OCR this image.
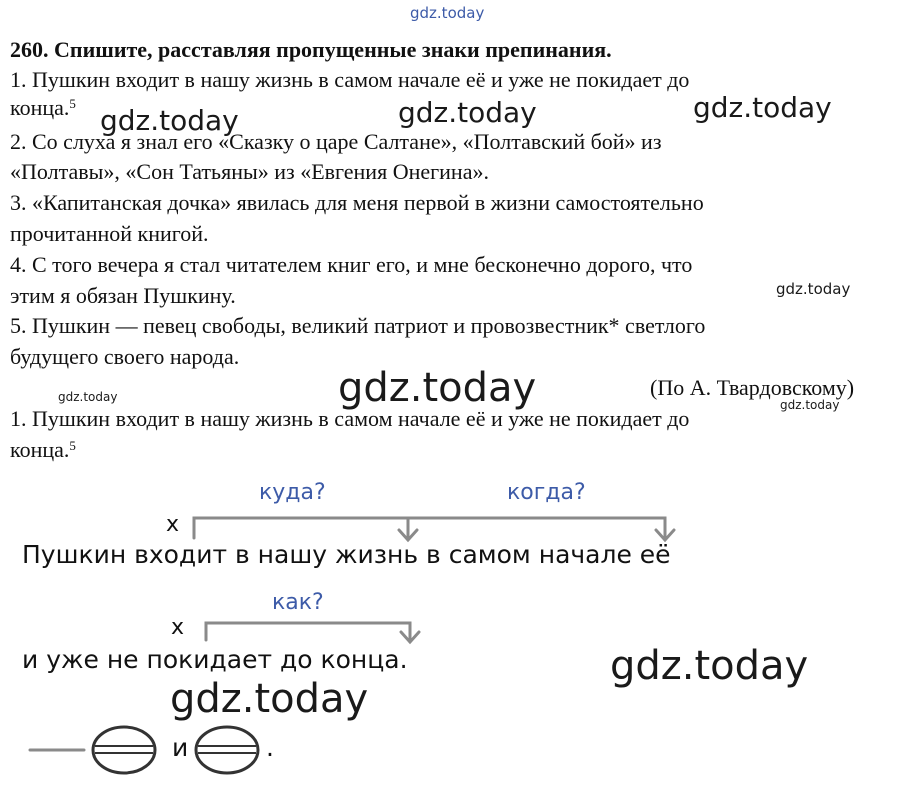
gdz.today
gdz.today	gdz.today	gdz.today
gdz.today
gdz.today	gdz.today	gdz.today
gdz.today
gdz.today
260. Спишите, расставляя пропущенные знаки препинания.
1. Пушкин входит в нашу жизнь в самом начале её и уже не покидает до
конца.$^5$
2. Со слуха я знал его «Сказку о царе Салтане», «Полтавский бой» из
«Полтавы», «Сон Татьяны» из «Евгения Онегина».
3. «Капитанская дочка» явилась для меня первой в жизни самостоятельно
прочитанной книгой.
4. С того вечера я стал читателем книг его, и мне бесконечно дорого, что
этим я обязан Пушкину.
5. Пушкин — певец свободы, великий патриот и провозвестник* светлого
будущего своего народа.
(По А. Твардовскому)
1. Пушкин входит в нашу жизнь в самом начале её и уже не покидает до
конца.$^5$
куда?	когда?
как?
х
х
Пушкин входит в нашу жизнь в самом начале её
и уже не покидает до конца.
и	.
